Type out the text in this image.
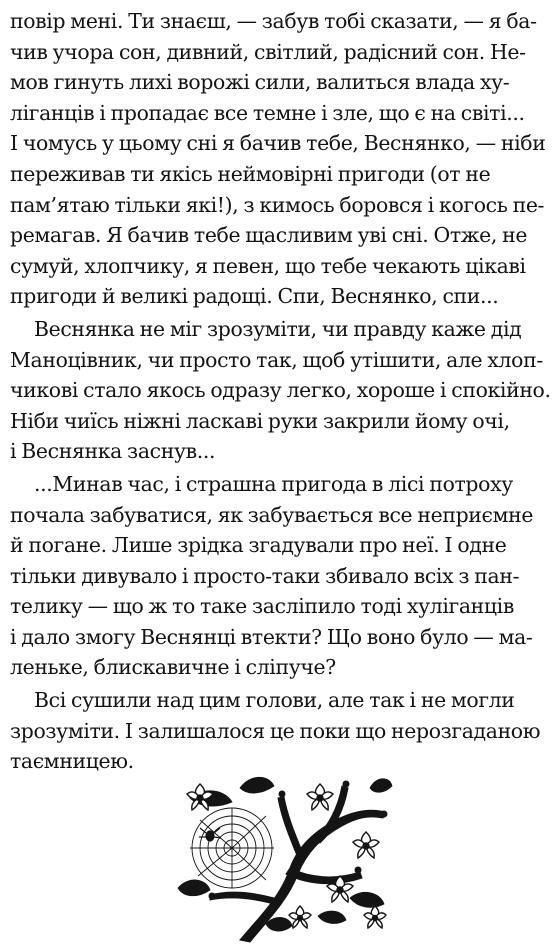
повір мені. Ти знаєш, — забув тобі сказати, — я ба-
чив учора сон, дивний, світлий, радісний сон. Не-
мов гинуть лихі ворожі сили, валиться влада ху-
ліганців і пропадає все темне і зле, що є на світі...
І чомусь у цьому сні я бачив тебе, Веснянко, — ніби
переживав ти якісь неймовірні пригоди (от не
пам’ятаю тільки які!), з кимось боровся і когось пе-
ремагав. Я бачив тебе щасливим уві сні. Отже, не
сумуй, хлопчику, я певен, що тебе чекають цікаві
пригоди й великі радощі. Спи, Веснянко, спи...
Веснянка не міг зрозуміти, чи правду каже дід
Маноцівник, чи просто так, щоб утішити, але хлоп-
чикові стало якось одразу легко, хороше і спокійно.
Ніби чиїсь ніжні ласкаві руки закрили йому очі,
і Веснянка заснув...
...Минав час, і страшна пригода в лісі потроху
почала забуватися, як забувається все неприємне
й погане. Лише зрідка згадували про неї. І одне
тільки дивувало і просто-таки збивало всіх з пан-
телику — що ж то таке засліпило тоді хуліганців
і дало змогу Веснянці втекти? Що воно було — ма-
леньке, блискавичне і сліпуче?
Всі сушили над цим голови, але так і не могли
зрозуміти. І залишалося це поки що нерозгаданою
таємницею.
